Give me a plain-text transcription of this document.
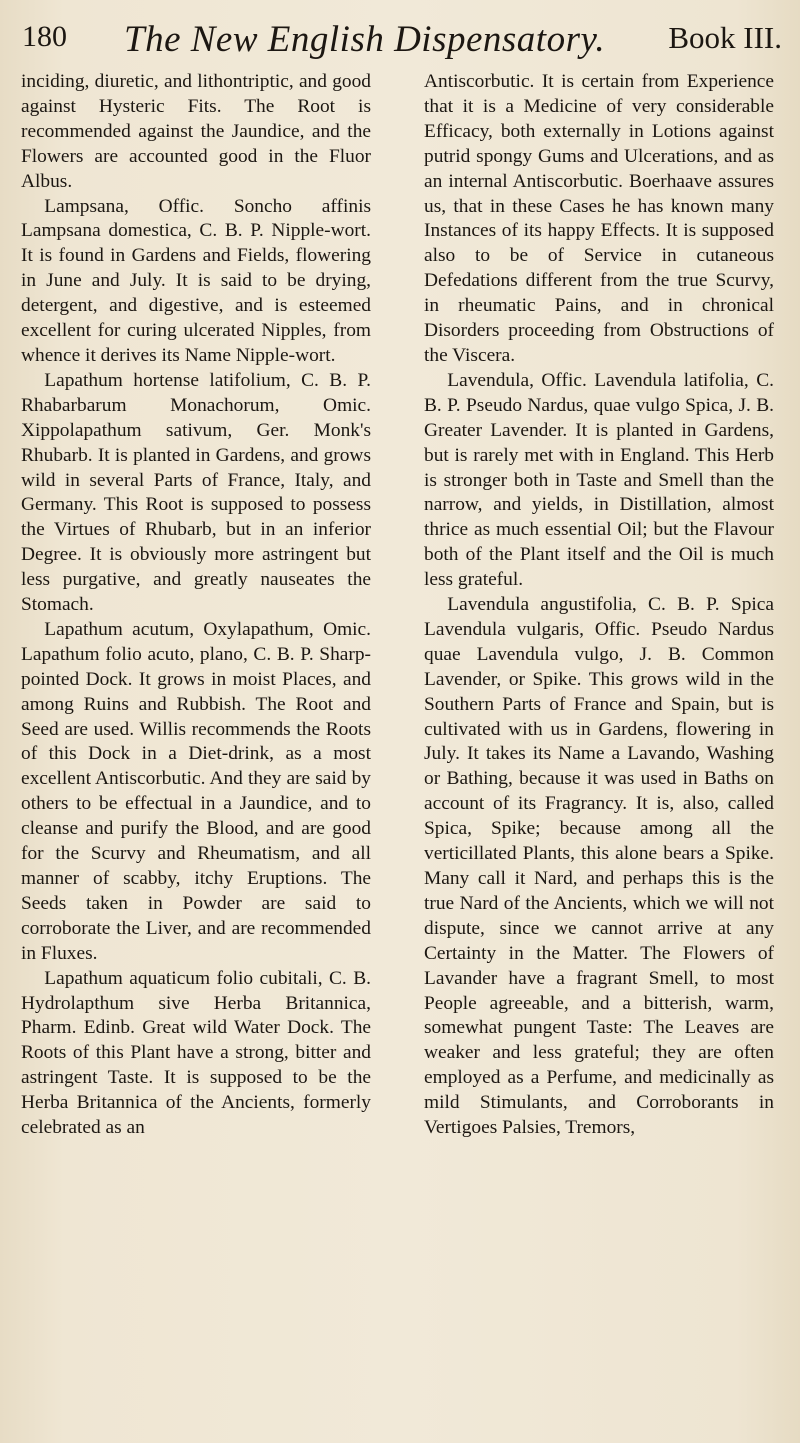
180 The New English Dispensatory. Book III.

inciding, diuretic, and lithontriptic, and good against Hysteric Fits. The Root is recommended against the Jaundice, and the Flowers are accounted good in the Fluor Albus.

Lampsana, Offic. Soncho affinis Lampsana domestica, C. B. P. Nipple-wort. It is found in Gardens and Fields, flowering in June and July. It is said to be drying, detergent, and digestive, and is esteemed excellent for curing ulcerated Nipples, from whence it derives its Name Nipple-wort.

Lapathum hortense latifolium, C. B. P. Rhabarbarum Monachorum, Omic. Xippolapathum sativum, Ger. Monk's Rhubarb. It is planted in Gardens, and grows wild in several Parts of France, Italy, and Germany. This Root is supposed to possess the Virtues of Rhubarb, but in an inferior Degree. It is obviously more astringent but less purgative, and greatly nauseates the Stomach.

Lapathum acutum, Oxylapathum, Omic. Lapathum folio acuto, plano, C. B. P. Sharp-pointed Dock. It grows in moist Places, and among Ruins and Rubbish. The Root and Seed are used. Willis recommends the Roots of this Dock in a Diet-drink, as a most excellent Antiscorbutic. And they are said by others to be effectual in a Jaundice, and to cleanse and purify the Blood, and are good for the Scurvy and Rheumatism, and all manner of scabby, itchy Eruptions. The Seeds taken in Powder are said to corroborate the Liver, and are recommended in Fluxes.

Lapathum aquaticum folio cubitali, C. B. Hydrolapthum sive Herba Britannica, Pharm. Edinb. Great wild Water Dock. The Roots of this Plant have a strong, bitter and astringent Taste. It is supposed to be the Herba Britannica of the Ancients, formerly celebrated as an

Antiscorbutic. It is certain from Experience that it is a Medicine of very considerable Efficacy, both externally in Lotions against putrid spongy Gums and Ulcerations, and as an internal Antiscorbutic. Boerhaave assures us, that in these Cases he has known many Instances of its happy Effects. It is supposed also to be of Service in cutaneous Defedations different from the true Scurvy, in rheumatic Pains, and in chronical Disorders proceeding from Obstructions of the Viscera.

Lavendula, Offic. Lavendula latifolia, C. B. P. Pseudo Nardus, quae vulgo Spica, J. B. Greater Lavender. It is planted in Gardens, but is rarely met with in England. This Herb is stronger both in Taste and Smell than the narrow, and yields, in Distillation, almost thrice as much essential Oil; but the Flavour both of the Plant itself and the Oil is much less grateful.

Lavendula angustifolia, C. B. P. Spica Lavendula vulgaris, Offic. Pseudo Nardus quae Lavendula vulgo, J. B. Common Lavender, or Spike. This grows wild in the Southern Parts of France and Spain, but is cultivated with us in Gardens, flowering in July. It takes its Name a Lavando, Washing or Bathing, because it was used in Baths on account of its Fragrancy. It is, also, called Spica, Spike; because among all the verticillated Plants, this alone bears a Spike. Many call it Nard, and perhaps this is the true Nard of the Ancients, which we will not dispute, since we cannot arrive at any Certainty in the Matter. The Flowers of Lavander have a fragrant Smell, to most People agreeable, and a bitterish, warm, somewhat pungent Taste: The Leaves are weaker and less grateful; they are often employed as a Perfume, and medicinally as mild Stimulants, and Corroborants in Vertigoes Palsies, Tremors,
